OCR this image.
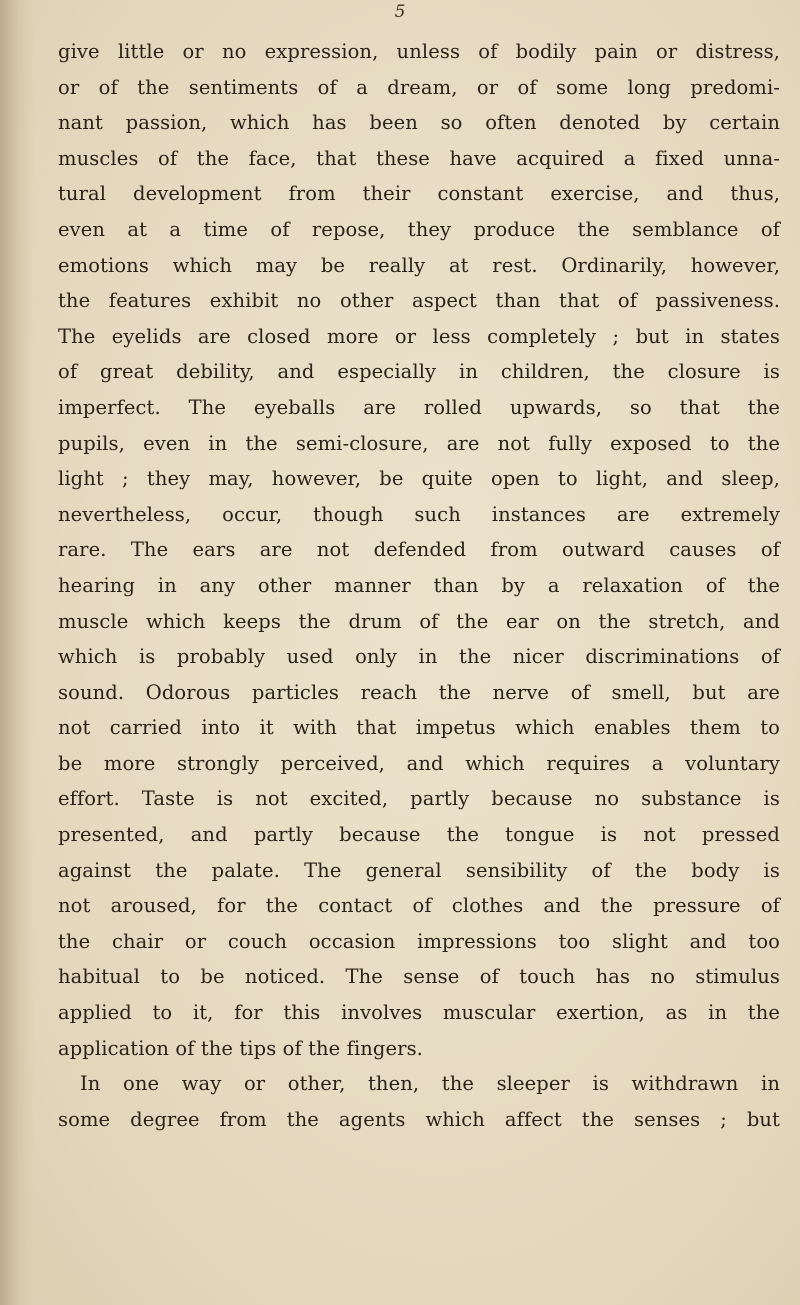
5
give little or no expression, unless of bodily pain or distress,
or of the sentiments of a dream, or of some long predomi-
nant passion, which has been so often denoted by certain
muscles of the face, that these have acquired a fixed unna-
tural development from their constant exercise, and thus,
even at a time of repose, they produce the semblance of
emotions which may be really at rest. Ordinarily, however,
the features exhibit no other aspect than that of passiveness.
The eyelids are closed more or less completely ; but in states
of great debility, and especially in children, the closure is
imperfect. The eyeballs are rolled upwards, so that the
pupils, even in the semi-closure, are not fully exposed to the
light ; they may, however, be quite open to light, and sleep,
nevertheless, occur, though such instances are extremely
rare. The ears are not defended from outward causes of
hearing in any other manner than by a relaxation of the
muscle which keeps the drum of the ear on the stretch, and
which is probably used only in the nicer discriminations of
sound. Odorous particles reach the nerve of smell, but are
not carried into it with that impetus which enables them to
be more strongly perceived, and which requires a voluntary
effort. Taste is not excited, partly because no substance is
presented, and partly because the tongue is not pressed
against the palate. The general sensibility of the body is
not aroused, for the contact of clothes and the pressure of
the chair or couch occasion impressions too slight and too
habitual to be noticed. The sense of touch has no stimulus
applied to it, for this involves muscular exertion, as in the
application of the tips of the fingers.
In one way or other, then, the sleeper is withdrawn in
some degree from the agents which affect the senses ; but
